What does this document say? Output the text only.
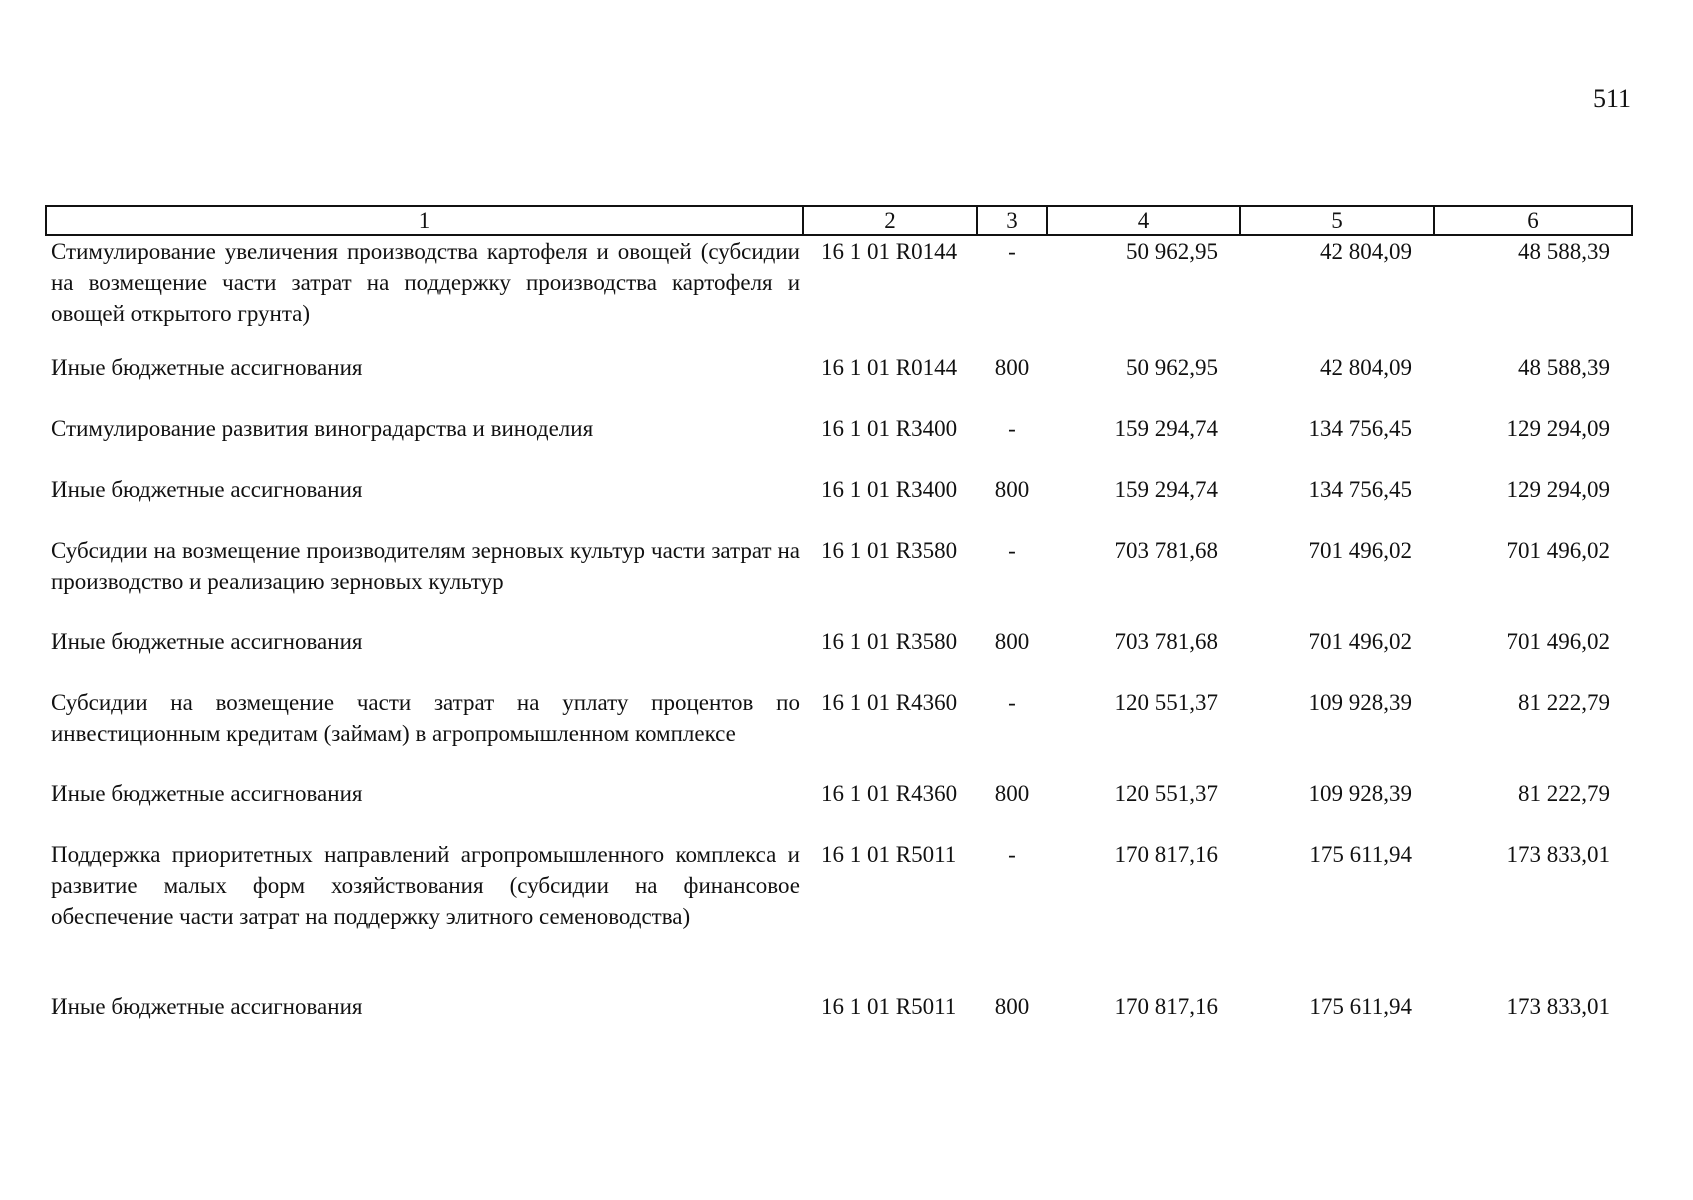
511
1	2	3	4	5	6
Стимулирование увеличения производства картофеля и овощей (субсидии на возмещение части затрат на поддержку производства картофеля и овощей открытого грунта)	16 1 01 R0144	-	50 962,95	42 804,09	48 588,39
Иные бюджетные ассигнования	16 1 01 R0144	800	50 962,95	42 804,09	48 588,39
Стимулирование развития виноградарства и виноделия	16 1 01 R3400	-	159 294,74	134 756,45	129 294,09
Иные бюджетные ассигнования	16 1 01 R3400	800	159 294,74	134 756,45	129 294,09
Субсидии на возмещение производителям зерновых культур части затрат на производство и реализацию зерновых культур	16 1 01 R3580	-	703 781,68	701 496,02	701 496,02
Иные бюджетные ассигнования	16 1 01 R3580	800	703 781,68	701 496,02	701 496,02
Субсидии на возмещение части затрат на уплату процентов по инвестиционным кредитам (займам) в агропромышленном комплексе	16 1 01 R4360	-	120 551,37	109 928,39	81 222,79
Иные бюджетные ассигнования	16 1 01 R4360	800	120 551,37	109 928,39	81 222,79
Поддержка приоритетных направлений агропромышленного комплекса и развитие малых форм хозяйствования (субсидии на финансовое обеспечение части затрат на поддержку элитного семеноводства)	16 1 01 R5011	-	170 817,16	175 611,94	173 833,01
Иные бюджетные ассигнования	16 1 01 R5011	800	170 817,16	175 611,94	173 833,01
